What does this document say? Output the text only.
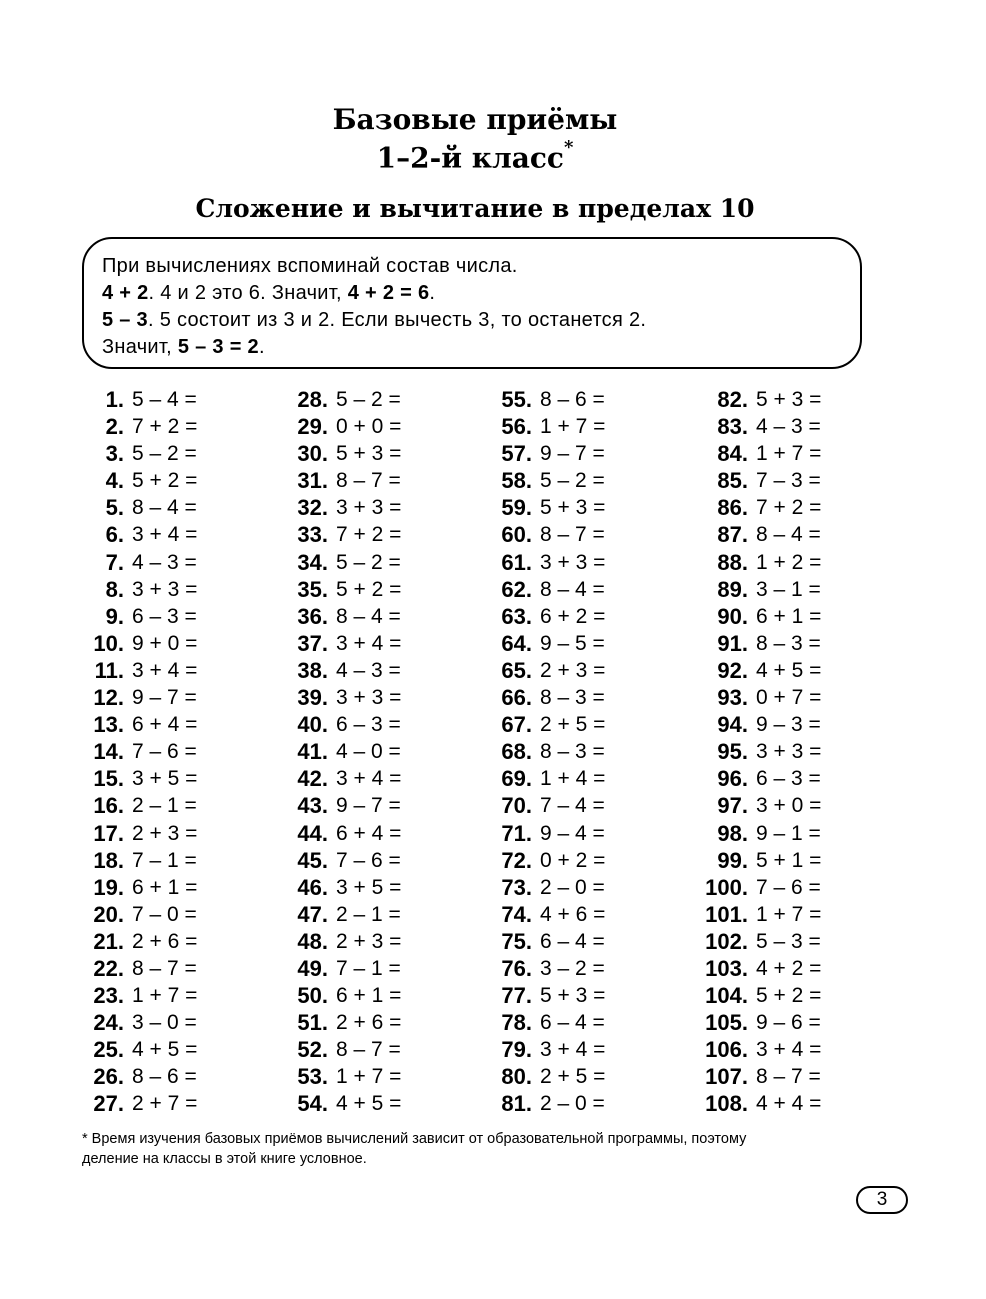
Базовые приёмы
1–2-й класс*
Сложение и вычитание в пределах 10
При вычислениях вспоминай состав числа.
4 + 2. 4 и 2 это 6. Значит, 4 + 2 = 6.
5 – 3. 5 состоит из 3 и 2. Если вычесть 3, то останется 2.
Значит, 5 – 3 = 2.
1. 5 – 4 =
2. 7 + 2 =
3. 5 – 2 =
4. 5 + 2 =
5. 8 – 4 =
6. 3 + 4 =
7. 4 – 3 =
8. 3 + 3 =
9. 6 – 3 =
10. 9 + 0 =
11. 3 + 4 =
12. 9 – 7 =
13. 6 + 4 =
14. 7 – 6 =
15. 3 + 5 =
16. 2 – 1 =
17. 2 + 3 =
18. 7 – 1 =
19. 6 + 1 =
20. 7 – 0 =
21. 2 + 6 =
22. 8 – 7 =
23. 1 + 7 =
24. 3 – 0 =
25. 4 + 5 =
26. 8 – 6 =
27. 2 + 7 =
28. 5 – 2 =
29. 0 + 0 =
30. 5 + 3 =
31. 8 – 7 =
32. 3 + 3 =
33. 7 + 2 =
34. 5 – 2 =
35. 5 + 2 =
36. 8 – 4 =
37. 3 + 4 =
38. 4 – 3 =
39. 3 + 3 =
40. 6 – 3 =
41. 4 – 0 =
42. 3 + 4 =
43. 9 – 7 =
44. 6 + 4 =
45. 7 – 6 =
46. 3 + 5 =
47. 2 – 1 =
48. 2 + 3 =
49. 7 – 1 =
50. 6 + 1 =
51. 2 + 6 =
52. 8 – 7 =
53. 1 + 7 =
54. 4 + 5 =
55. 8 – 6 =
56. 1 + 7 =
57. 9 – 7 =
58. 5 – 2 =
59. 5 + 3 =
60. 8 – 7 =
61. 3 + 3 =
62. 8 – 4 =
63. 6 + 2 =
64. 9 – 5 =
65. 2 + 3 =
66. 8 – 3 =
67. 2 + 5 =
68. 8 – 3 =
69. 1 + 4 =
70. 7 – 4 =
71. 9 – 4 =
72. 0 + 2 =
73. 2 – 0 =
74. 4 + 6 =
75. 6 – 4 =
76. 3 – 2 =
77. 5 + 3 =
78. 6 – 4 =
79. 3 + 4 =
80. 2 + 5 =
81. 2 – 0 =
82. 5 + 3 =
83. 4 – 3 =
84. 1 + 7 =
85. 7 – 3 =
86. 7 + 2 =
87. 8 – 4 =
88. 1 + 2 =
89. 3 – 1 =
90. 6 + 1 =
91. 8 – 3 =
92. 4 + 5 =
93. 0 + 7 =
94. 9 – 3 =
95. 3 + 3 =
96. 6 – 3 =
97. 3 + 0 =
98. 9 – 1 =
99. 5 + 1 =
100. 7 – 6 =
101. 1 + 7 =
102. 5 – 3 =
103. 4 + 2 =
104. 5 + 2 =
105. 9 – 6 =
106. 3 + 4 =
107. 8 – 7 =
108. 4 + 4 =
* Время изучения базовых приёмов вычислений зависит от образовательной программы, поэтому
деление на классы в этой книге условное.
3
